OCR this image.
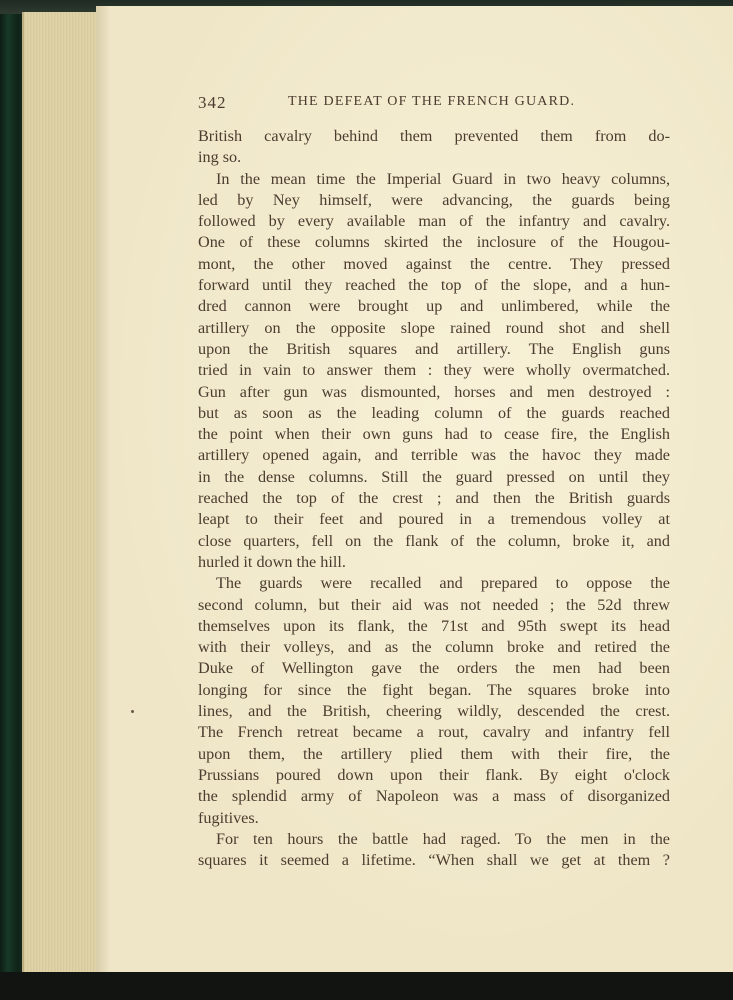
342	THE DEFEAT OF THE FRENCH GUARD.
British cavalry behind them prevented them from do-
ing so.
In the mean time the Imperial Guard in two heavy columns,
led by Ney himself, were advancing, the guards being
followed by every available man of the infantry and cavalry.
One of these columns skirted the inclosure of the Hougou-
mont, the other moved against the centre. They pressed
forward until they reached the top of the slope, and a hun-
dred cannon were brought up and unlimbered, while the
artillery on the opposite slope rained round shot and shell
upon the British squares and artillery. The English guns
tried in vain to answer them : they were wholly overmatched.
Gun after gun was dismounted, horses and men destroyed :
but as soon as the leading column of the guards reached
the point when their own guns had to cease fire, the English
artillery opened again, and terrible was the havoc they made
in the dense columns. Still the guard pressed on until they
reached the top of the crest ; and then the British guards
leapt to their feet and poured in a tremendous volley at
close quarters, fell on the flank of the column, broke it, and
hurled it down the hill.
The guards were recalled and prepared to oppose the
second column, but their aid was not needed ; the 52d threw
themselves upon its flank, the 71st and 95th swept its head
with their volleys, and as the column broke and retired the
Duke of Wellington gave the orders the men had been
longing for since the fight began. The squares broke into
lines, and the British, cheering wildly, descended the crest.
The French retreat became a rout, cavalry and infantry fell
upon them, the artillery plied them with their fire, the
Prussians poured down upon their flank. By eight o'clock
the splendid army of Napoleon was a mass of disorganized
fugitives.
For ten hours the battle had raged. To the men in the
squares it seemed a lifetime. “When shall we get at them ?
